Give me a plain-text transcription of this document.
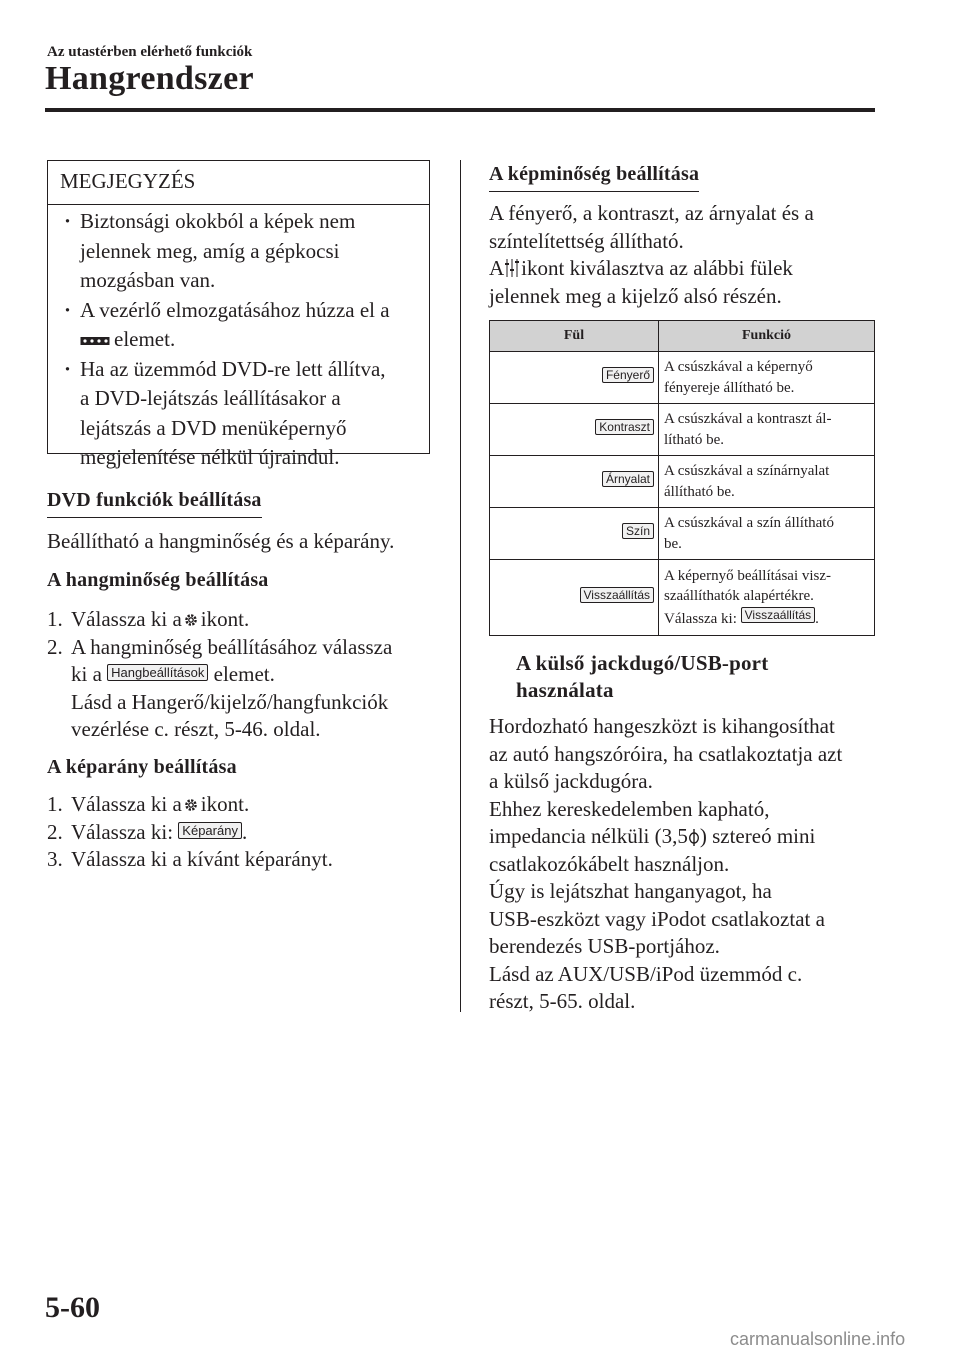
Az utastérben elérhető funkciók
Hangrendszer
MEGJEGYZÉS
· Biztonsági okokból a képek nem
jelennek meg, amíg a gépkocsi
mozgásban van.
· A vezérlő elmozgatásához húzza el a
elemet.
· Ha az üzemmód DVD-re lett állítva,
a DVD-lejátszás leállításakor a
lejátszás a DVD menüképernyő
megjelenítése nélkül újraindul.
DVD funkciók beállítása
Beállítható a hangminőség és a képarány.
A hangminőség beállítása
1. Válassza ki a ikont.
2. A hangminőség beállításához válassza
ki a Hangbeállítások elemet.
Lásd a Hangerő/kijelző/hangfunkciók
vezérlése c. részt, 5-46. oldal.
A képarány beállítása
1. Válassza ki a ikont.
2. Válassza ki: Képarány .
3. Válassza ki a kívánt képarányt.
A képminőség beállítása
A fényerő, a kontraszt, az árnyalat és a
színtelítettség állítható.
A ikont kiválasztva az alábbi fülek
jelennek meg a kijelző alsó részén.
Fül	Funkció
Fényerő	A csúszkával a képernyő
fényereje állítható be.

Kontraszt	A csúszkával a kontraszt ál-
lítható be.

Árnyalat	A csúszkával a színárnyalat
állítható be.

Szín	A csúszkával a szín állítható
be.

Visszaállítás	A képernyő beállításai visz-
szaállíthatók alapértékre.
Válassza ki: Visszaállítás .
A külső jackdugó/USB-port
használata
Hordozható hangeszközt is kihangosíthat
az autó hangszóróira, ha csatlakoztatja azt
a külső jackdugóra.
Ehhez kereskedelemben kapható,
impedancia nélküli (3,5 ) sztereó mini
csatlakozókábelt használjon.
Úgy is lejátszhat hanganyagot, ha
USB-eszközt vagy iPodot csatlakoztat a
berendezés USB-portjához.
Lásd az AUX/USB/iPod üzemmód c.
részt, 5-65. oldal.
5-60
carmanualsonline.info
